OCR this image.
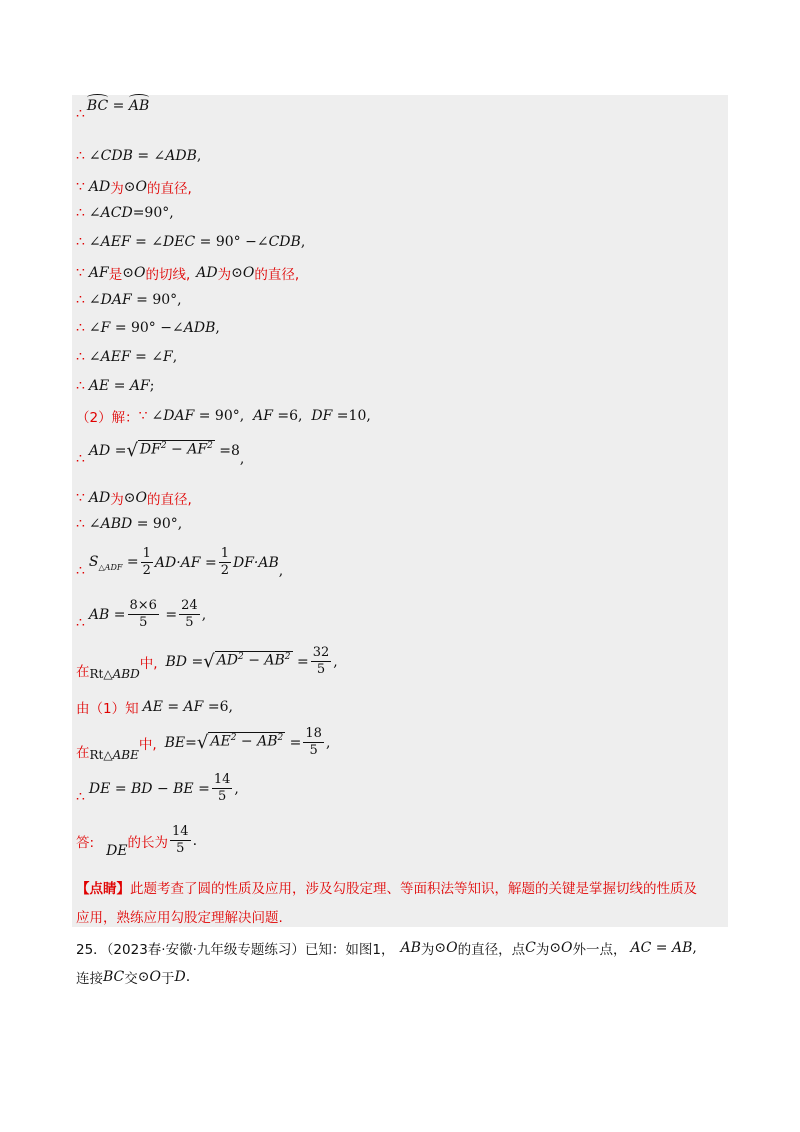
∴ BC = AB
∴ ∠CDB = ∠ADB ,
∵ AD 为 ⊙ O 的直径,
∴ ∠ACD =90° ,
∴ ∠AEF = ∠DEC = 90° − ∠CDB ,
∵ AF 是 ⊙ O 的切线, AD 为 ⊙ O 的直径,
∴ ∠DAF = 90° ,
∴ ∠F = 90° − ∠ADB ,
∴ ∠AEF = ∠F ,
∴ AE = AF ;
（2）解： ∵ ∠DAF = 90° , AF = 6 , DF = 10 ,
∴ AD = √ $DF^2 - AF^2 = 8$ ,
∵ AD 为 ⊙ O 的直径,
∴ ∠ABD = 90° ,
∴
$S_{\triangle ADF} = \frac{1}{2} AD\cdot AF = \frac{1}{2} DF\cdot AB$ ,
∴ AB = $\frac{8\times 6}{5} = \frac{24}{5}$ ,
在 Rt△ ABD
中, BD = √ $AD^2 - AB^2 = \frac{32}{5}$ ,
由（1）知 AE = AF = 6 ,
在 Rt△ ABE
中, BE= √ $AE^2 - AB^2 = \frac{18}{5}$ ,
∴ DE = BD − BE = $\frac{14}{5}$ ,
答: DE 的长为 $\frac{14}{5}$ .
【点睛】 此题考查了圆的性质及应用，涉及勾股定理、等面积法等知识，解题的关键是掌握切线的性质及
应用，熟练应用勾股定理解决问题.
25．（2023春·安徽·九年级专题练习）已知：如图1， AB 为 ⊙ O 的直径，点 C 为 ⊙ O 外一点， AC = AB ,
连接 BC 交 ⊙ O 于 D .
